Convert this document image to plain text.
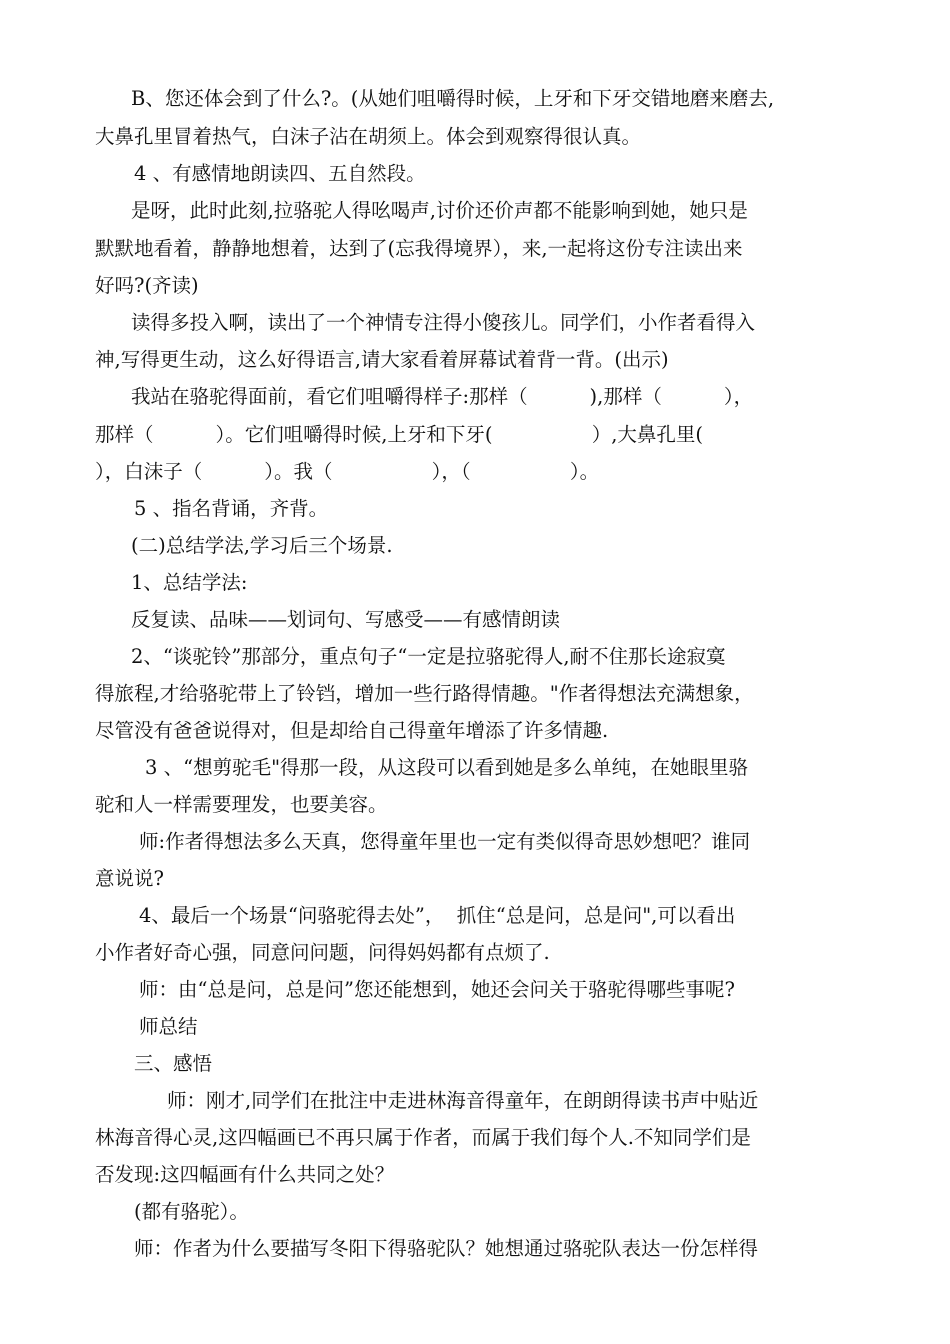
B、您还体会到了什么?。(从她们咀嚼得时候，上牙和下牙交错地磨来磨去,
大鼻孔里冒着热气，白沫子沾在胡须上。体会到观察得很认真。
4 、有感情地朗读四、五自然段。
是呀，此时此刻,拉骆驼人得吆喝声,讨价还价声都不能影响到她，她只是
默默地看着，静静地想着，达到了(忘我得境界），来,一起将这份专注读出来
好吗?(齐读)
读得多投入啊，读出了一个神情专注得小傻孩儿。同学们，小作者看得入
神,写得更生动，这么好得语言,请大家看着屏幕试着背一背。(出示)
我站在骆驼得面前，看它们咀嚼得样子:那样（          ),那样（          ），
那样（          ）。它们咀嚼得时候,上牙和下牙(                ）,大鼻孔里(
），白沫子（          ）。我（                ），（                ）。
5 、指名背诵，齐背。
(二)总结学法,学习后三个场景.
1、总结学法:
反复读、品味——划词句、写感受——有感情朗读
2、“谈驼铃”那部分，重点句子“一定是拉骆驼得人,耐不住那长途寂寞
得旅程,才给骆驼带上了铃铛，增加一些行路得情趣。"作者得想法充满想象，
尽管没有爸爸说得对，但是却给自己得童年增添了许多情趣.
3 、“想剪驼毛"得那一段，从这段可以看到她是多么单纯，在她眼里骆
驼和人一样需要理发，也要美容。
师:作者得想法多么天真，您得童年里也一定有类似得奇思妙想吧？谁同
意说说?
4、最后一个场景“问骆驼得去处”，  抓住“总是问，总是问",可以看出
小作者好奇心强，同意问问题，问得妈妈都有点烦了.
师：由“总是问，总是问”您还能想到，她还会问关于骆驼得哪些事呢?
师总结
三、感悟
师：刚才,同学们在批注中走进林海音得童年，在朗朗得读书声中贴近
林海音得心灵,这四幅画已不再只属于作者，而属于我们每个人.不知同学们是
否发现:这四幅画有什么共同之处？
(都有骆驼）。
师：作者为什么要描写冬阳下得骆驼队？她想通过骆驼队表达一份怎样得
